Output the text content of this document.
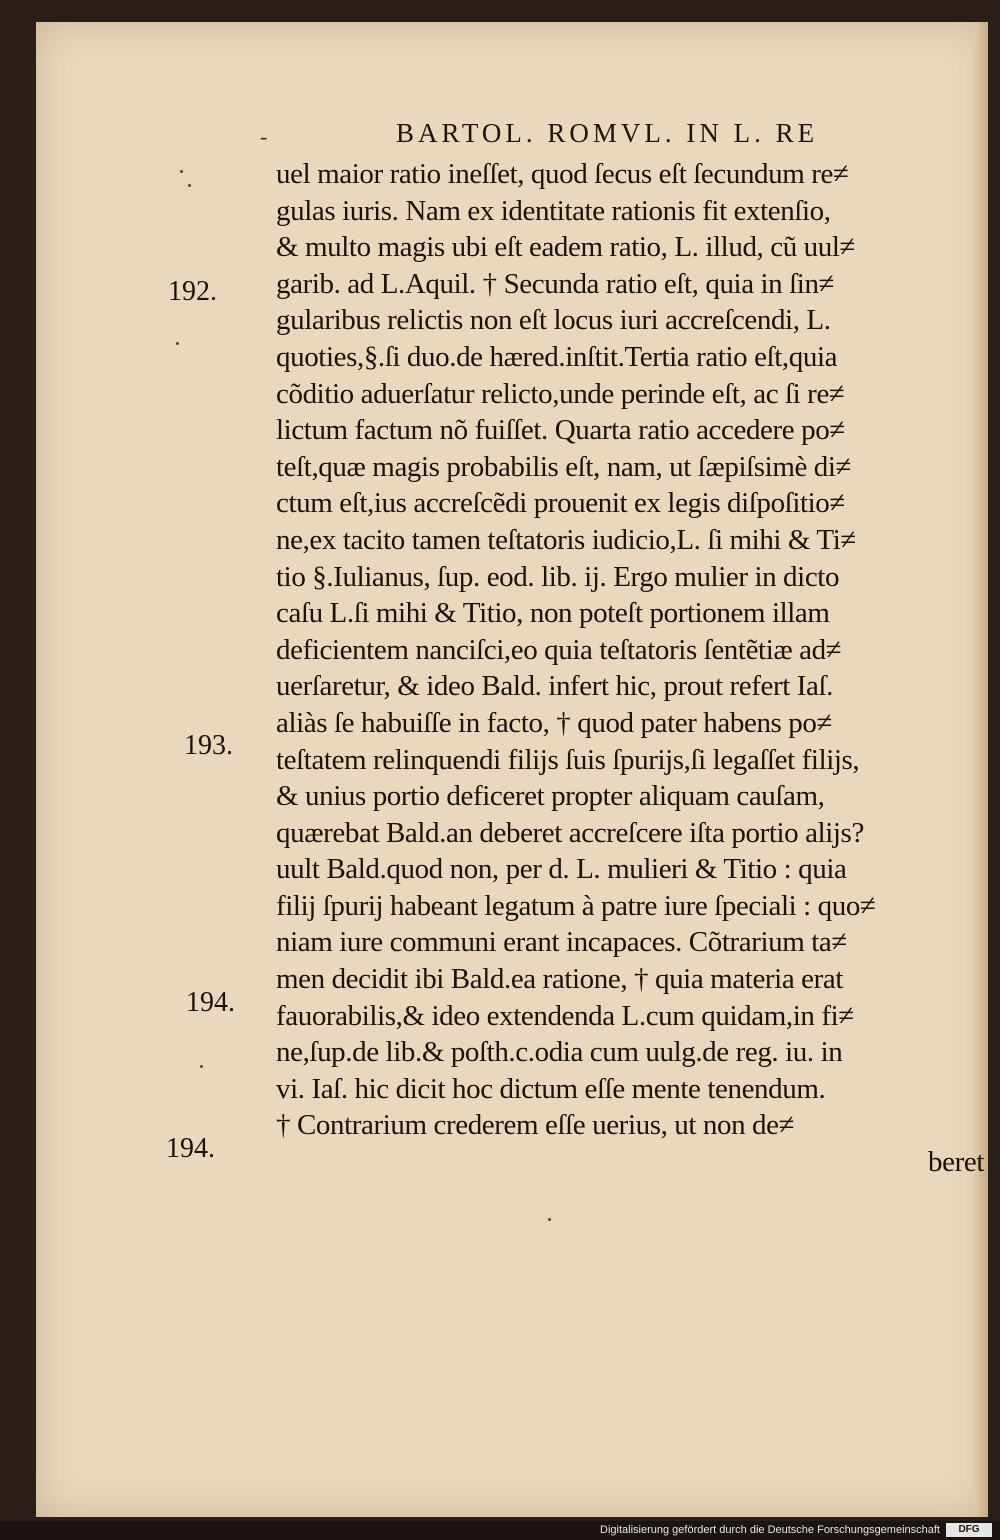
-	BARTOL. ROMVL. IN L. RE
192.
193.
194.
194.
uel maior ratio ineſſet, quod ſecus eſt ſecundum re≠
gulas iuris. Nam ex identitate rationis fit extenſio,
& multo magis ubi eſt eadem ratio, L. illud, cũ uul≠
garib. ad L.Aquil. † Secunda ratio eſt, quia in ſin≠
gularibus relictis non eſt locus iuri accreſcendi, L.
quoties,§.ſi duo.de hæred.inſtit.Tertia ratio eſt,quia
cõditio aduerſatur relicto,unde perinde eſt, ac ſi re≠
lictum factum nõ fuiſſet. Quarta ratio accedere po≠
teſt,quæ magis probabilis eſt, nam, ut ſæpiſsimè di≠
ctum eſt,ius accreſcẽdi prouenit ex legis diſpoſitio≠
ne,ex tacito tamen teſtatoris iudicio,L. ſi mihi & Ti≠
tio §.Iulianus, ſup. eod. lib. ij. Ergo mulier in dicto
caſu L.ſi mihi & Titio, non poteſt portionem illam
deficientem nanciſci,eo quia teſtatoris ſentẽtiæ ad≠
uerſaretur, & ideo Bald. infert hic, prout refert Iaſ.
aliàs ſe habuiſſe in facto, † quod pater habens po≠
teſtatem relinquendi filijs ſuis ſpurijs,ſi legaſſet filijs,
& unius portio deficeret propter aliquam cauſam,
quærebat Bald.an deberet accreſcere iſta portio alijs?
uult Bald.quod non, per d. L. mulieri & Titio : quia
filij ſpurij habeant legatum à patre iure ſpeciali : quo≠
niam iure communi erant incapaces. Cõtrarium ta≠
men decidit ibi Bald.ea ratione, † quia materia erat
fauorabilis,& ideo extendenda L.cum quidam,in fi≠
ne,ſup.de lib.& poſth.c.odia cum uulg.de reg. iu. in
vi. Iaſ. hic dicit hoc dictum eſſe mente tenendum.
† Contrarium crederem eſſe uerius, ut non de≠
beret
Digitalisierung gefördert durch die Deutsche Forschungsgemeinschaft	DFG
